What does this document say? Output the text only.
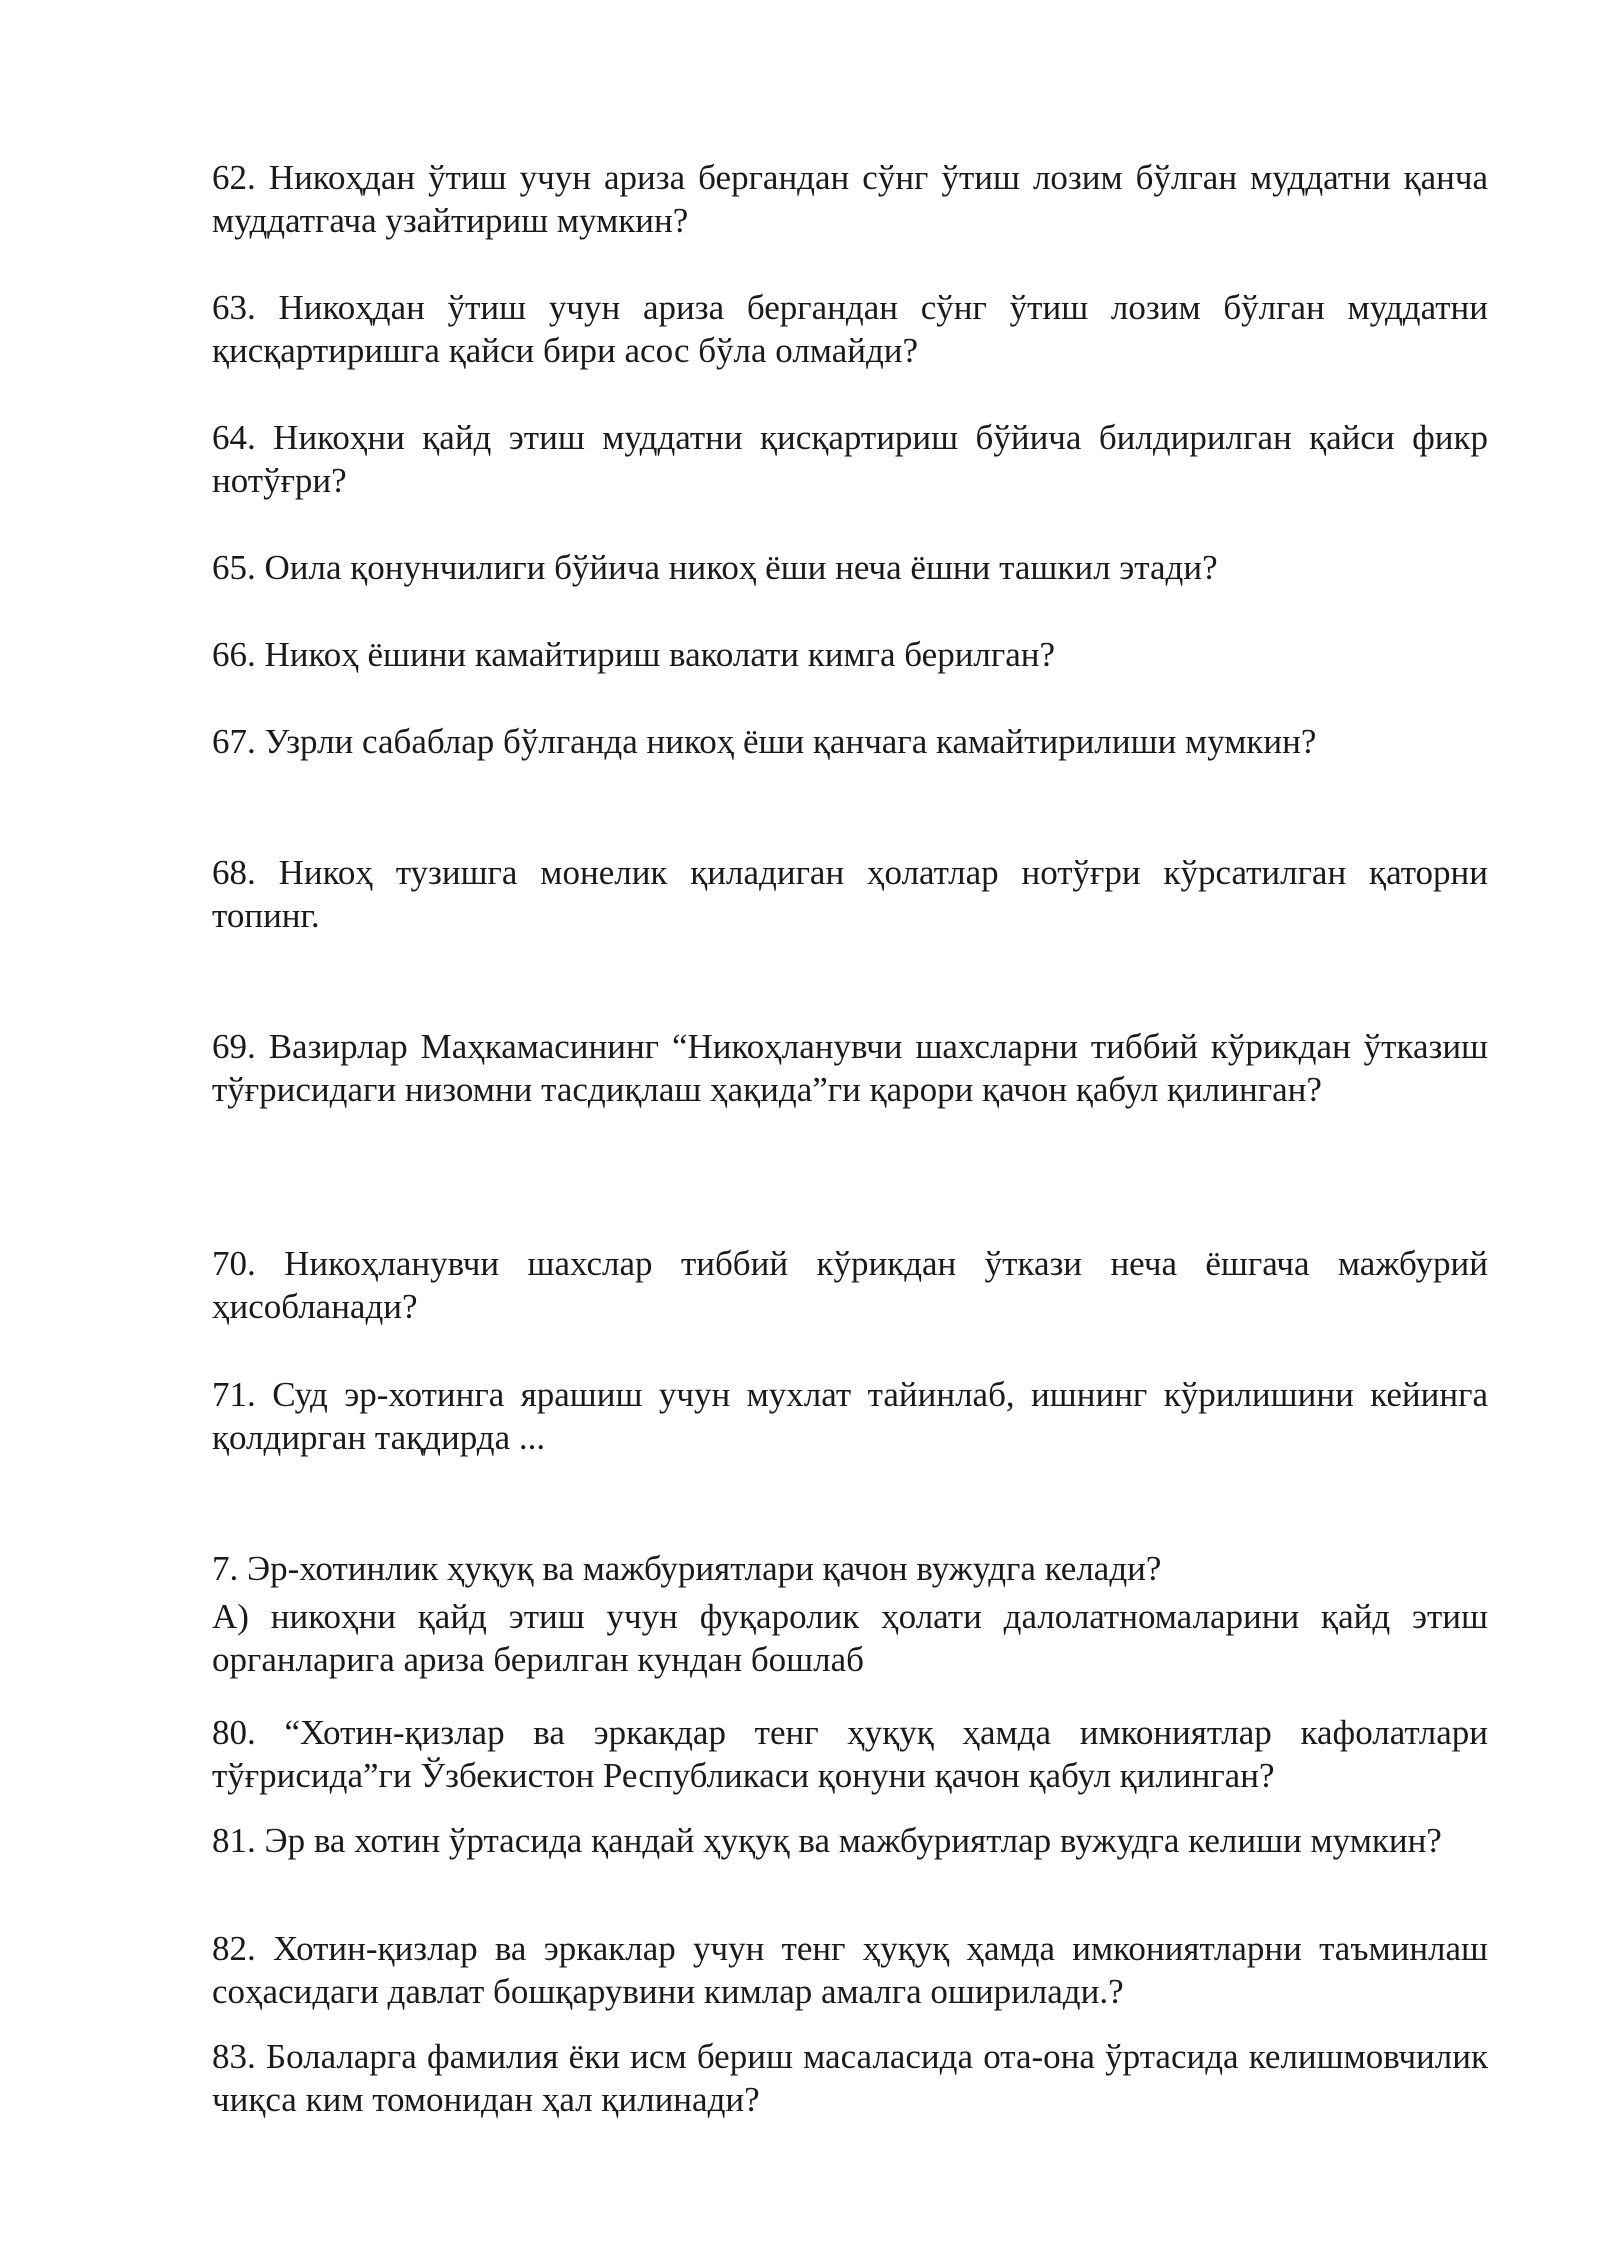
62. Никоҳдан ўтиш учун ариза бергандан сўнг ўтиш лозим бўлган муддатни қанча муддатгача узайтириш мумкин?

63. Никоҳдан ўтиш учун ариза бергандан сўнг ўтиш лозим бўлган муддатни қисқартиришга қайси бири асос бўла олмайди?

64. Никоҳни қайд этиш муддатни қисқартириш бўйича билдирилган қайси фикр нотўғри?

65. Оила қонунчилиги бўйича никоҳ ёши неча ёшни ташкил этади?

66. Никоҳ ёшини камайтириш ваколати кимга берилган?

67. Узрли сабаблар бўлганда никоҳ ёши қанчага камайтирилиши мумкин?

68. Никоҳ тузишга монелик қиладиган ҳолатлар нотўғри кўрсатилган қаторни топинг.

69. Вазирлар Маҳкамасининг “Никоҳланувчи шахсларни тиббий кўрикдан ўтказиш тўғрисидаги низомни тасдиқлаш ҳақида”ги қарори қачон қабул қилинган?

70. Никоҳланувчи шахслар тиббий кўрикдан ўткази неча ёшгача мажбурий ҳисобланади?

71. Суд эр-хотинга ярашиш учун мухлат тайинлаб, ишнинг кўрилишини кейинга қолдирган тақдирда ...

7. Эр-хотинлик ҳуқуқ ва мажбуриятлари қачон вужудга келади?

А) никоҳни қайд этиш учун фуқаролик ҳолати далолатномаларини қайд этиш органларига ариза берилган кундан бошлаб

80. “Хотин-қизлар ва эркакдар тенг ҳуқуқ ҳамда имкониятлар кафолатлари тўғрисида”ги Ўзбекистон Республикаси қонуни қачон қабул қилинган?

81. Эр ва хотин ўртасида қандай ҳуқуқ ва мажбуриятлар вужудга келиши мумкин?

82. Хотин-қизлар ва эркаклар учун тенг ҳуқуқ ҳамда имкониятларни таъминлаш соҳасидаги давлат бошқарувини кимлар амалга оширилади.?

83. Болаларга фамилия ёки исм бериш масаласида ота-она ўртасида келишмовчилик чиқса ким томонидан ҳал қилинади?
